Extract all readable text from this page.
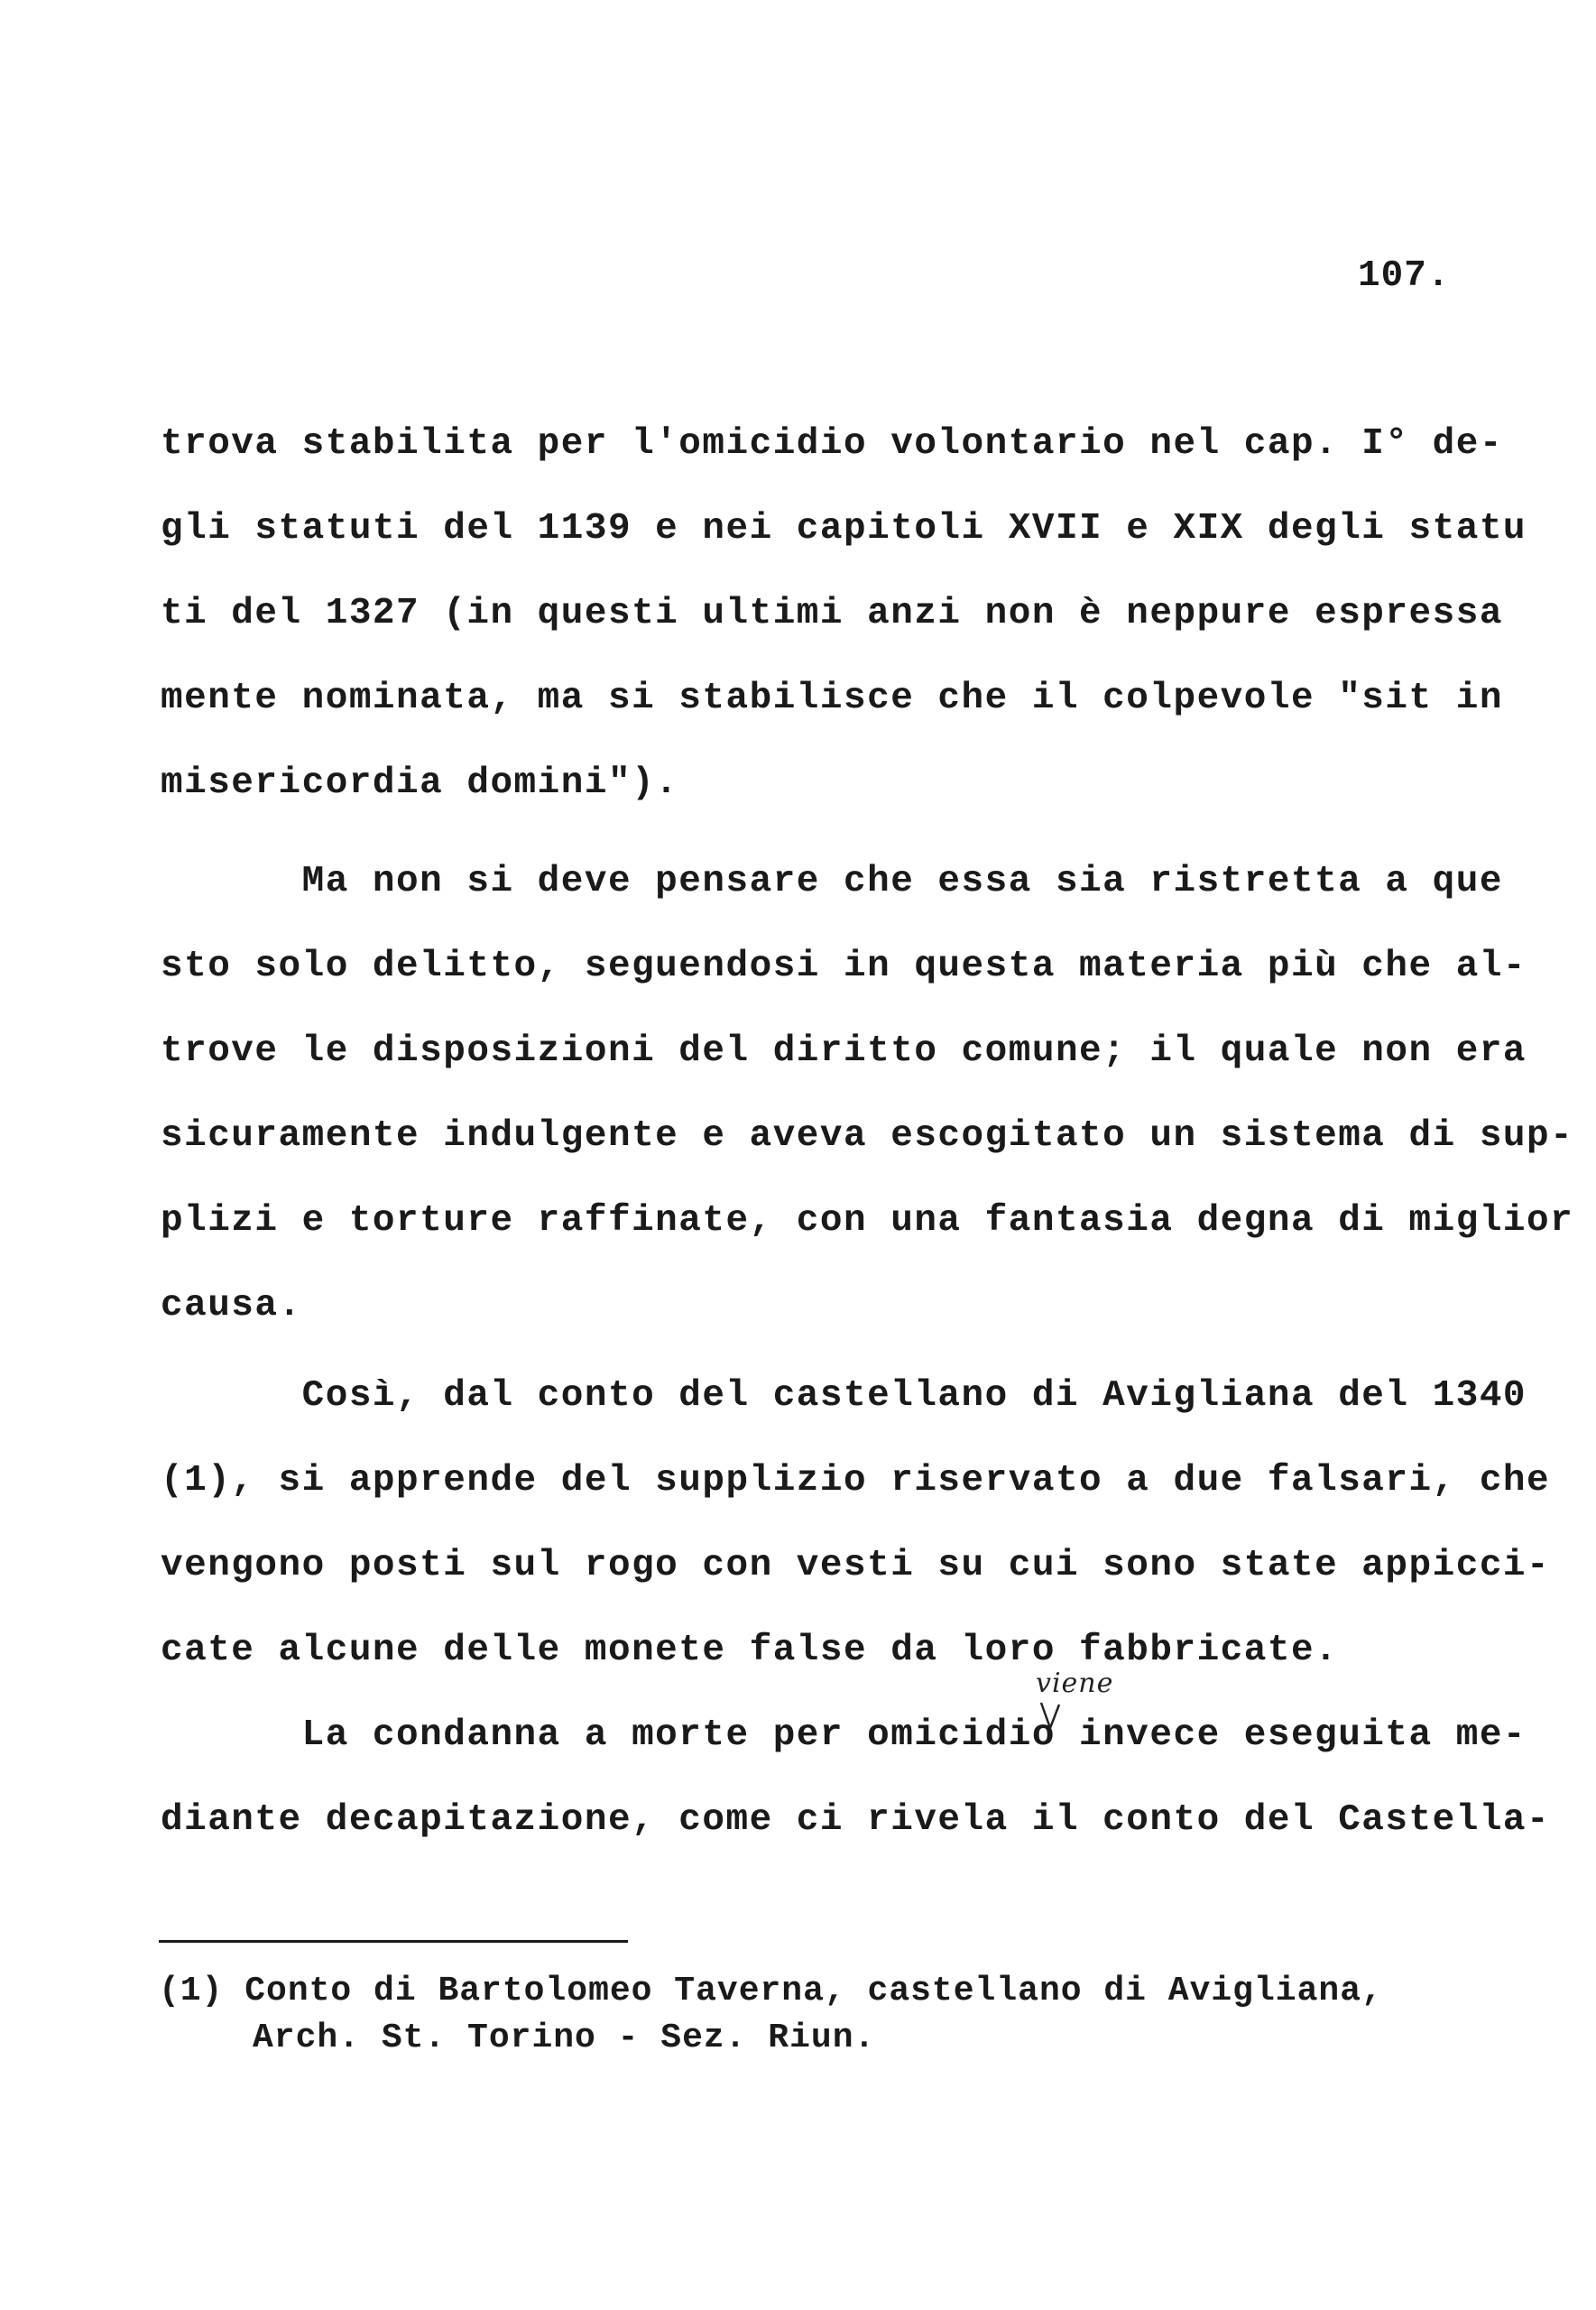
107.
trova stabilita per l'omicidio volontario nel cap. I° de-
gli statuti del 1139 e nei capitoli XVII e XIX degli statu
ti del 1327 (in questi ultimi anzi non è neppure espressa
mente nominata, ma si stabilisce che il colpevole "sit in
misericordia domini").
Ma non si deve pensare che essa sia ristretta a que
sto solo delitto, seguendosi in questa materia più che al-
trove le disposizioni del diritto comune; il quale non era
sicuramente indulgente e aveva escogitato un sistema di sup-
plizi e torture raffinate, con una fantasia degna di miglior
causa.
Così, dal conto del castellano di Avigliana del 1340
(1), si apprende del supplizio riservato a due falsari, che
vengono posti sul rogo con vesti su cui sono state appicci-
cate alcune delle monete false da loro fabbricate.
La condanna a morte per omicidio invece eseguita me-
diante decapitazione, come ci rivela il conto del Castella-
viene
(1) Conto di Bartolomeo Taverna, castellano di Avigliana,
Arch. St. Torino - Sez. Riun.
